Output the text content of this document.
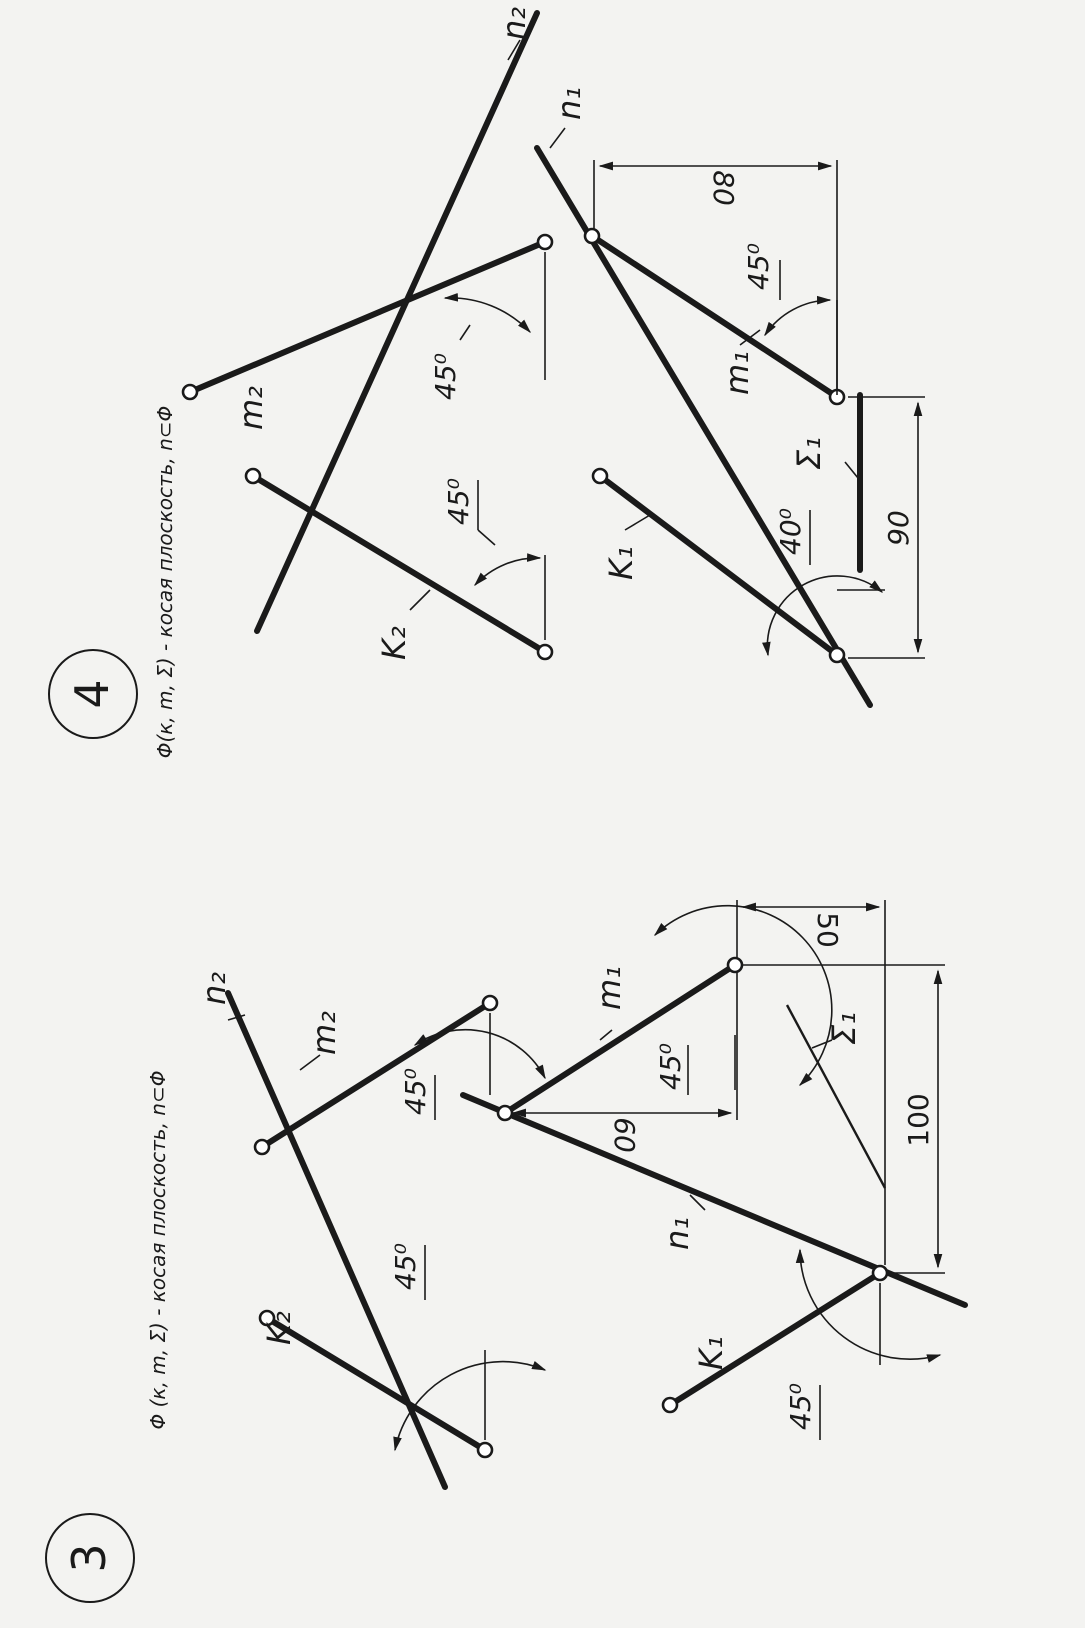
4 Φ(к, m, Σ) - косая плоскость, n⊂Φ
n₂
m₂
K₂
45⁰
45⁰
80
90
n₁
m₁
K₁
Σ₁
45⁰
40⁰
3
Φ (к, m, Σ) - косая плоскость, n⊂Φ
n₂
m₂
K₂
45⁰
45⁰
50
60	100
n₁
m₁
K₁
Σ₁
45⁰
45⁰
